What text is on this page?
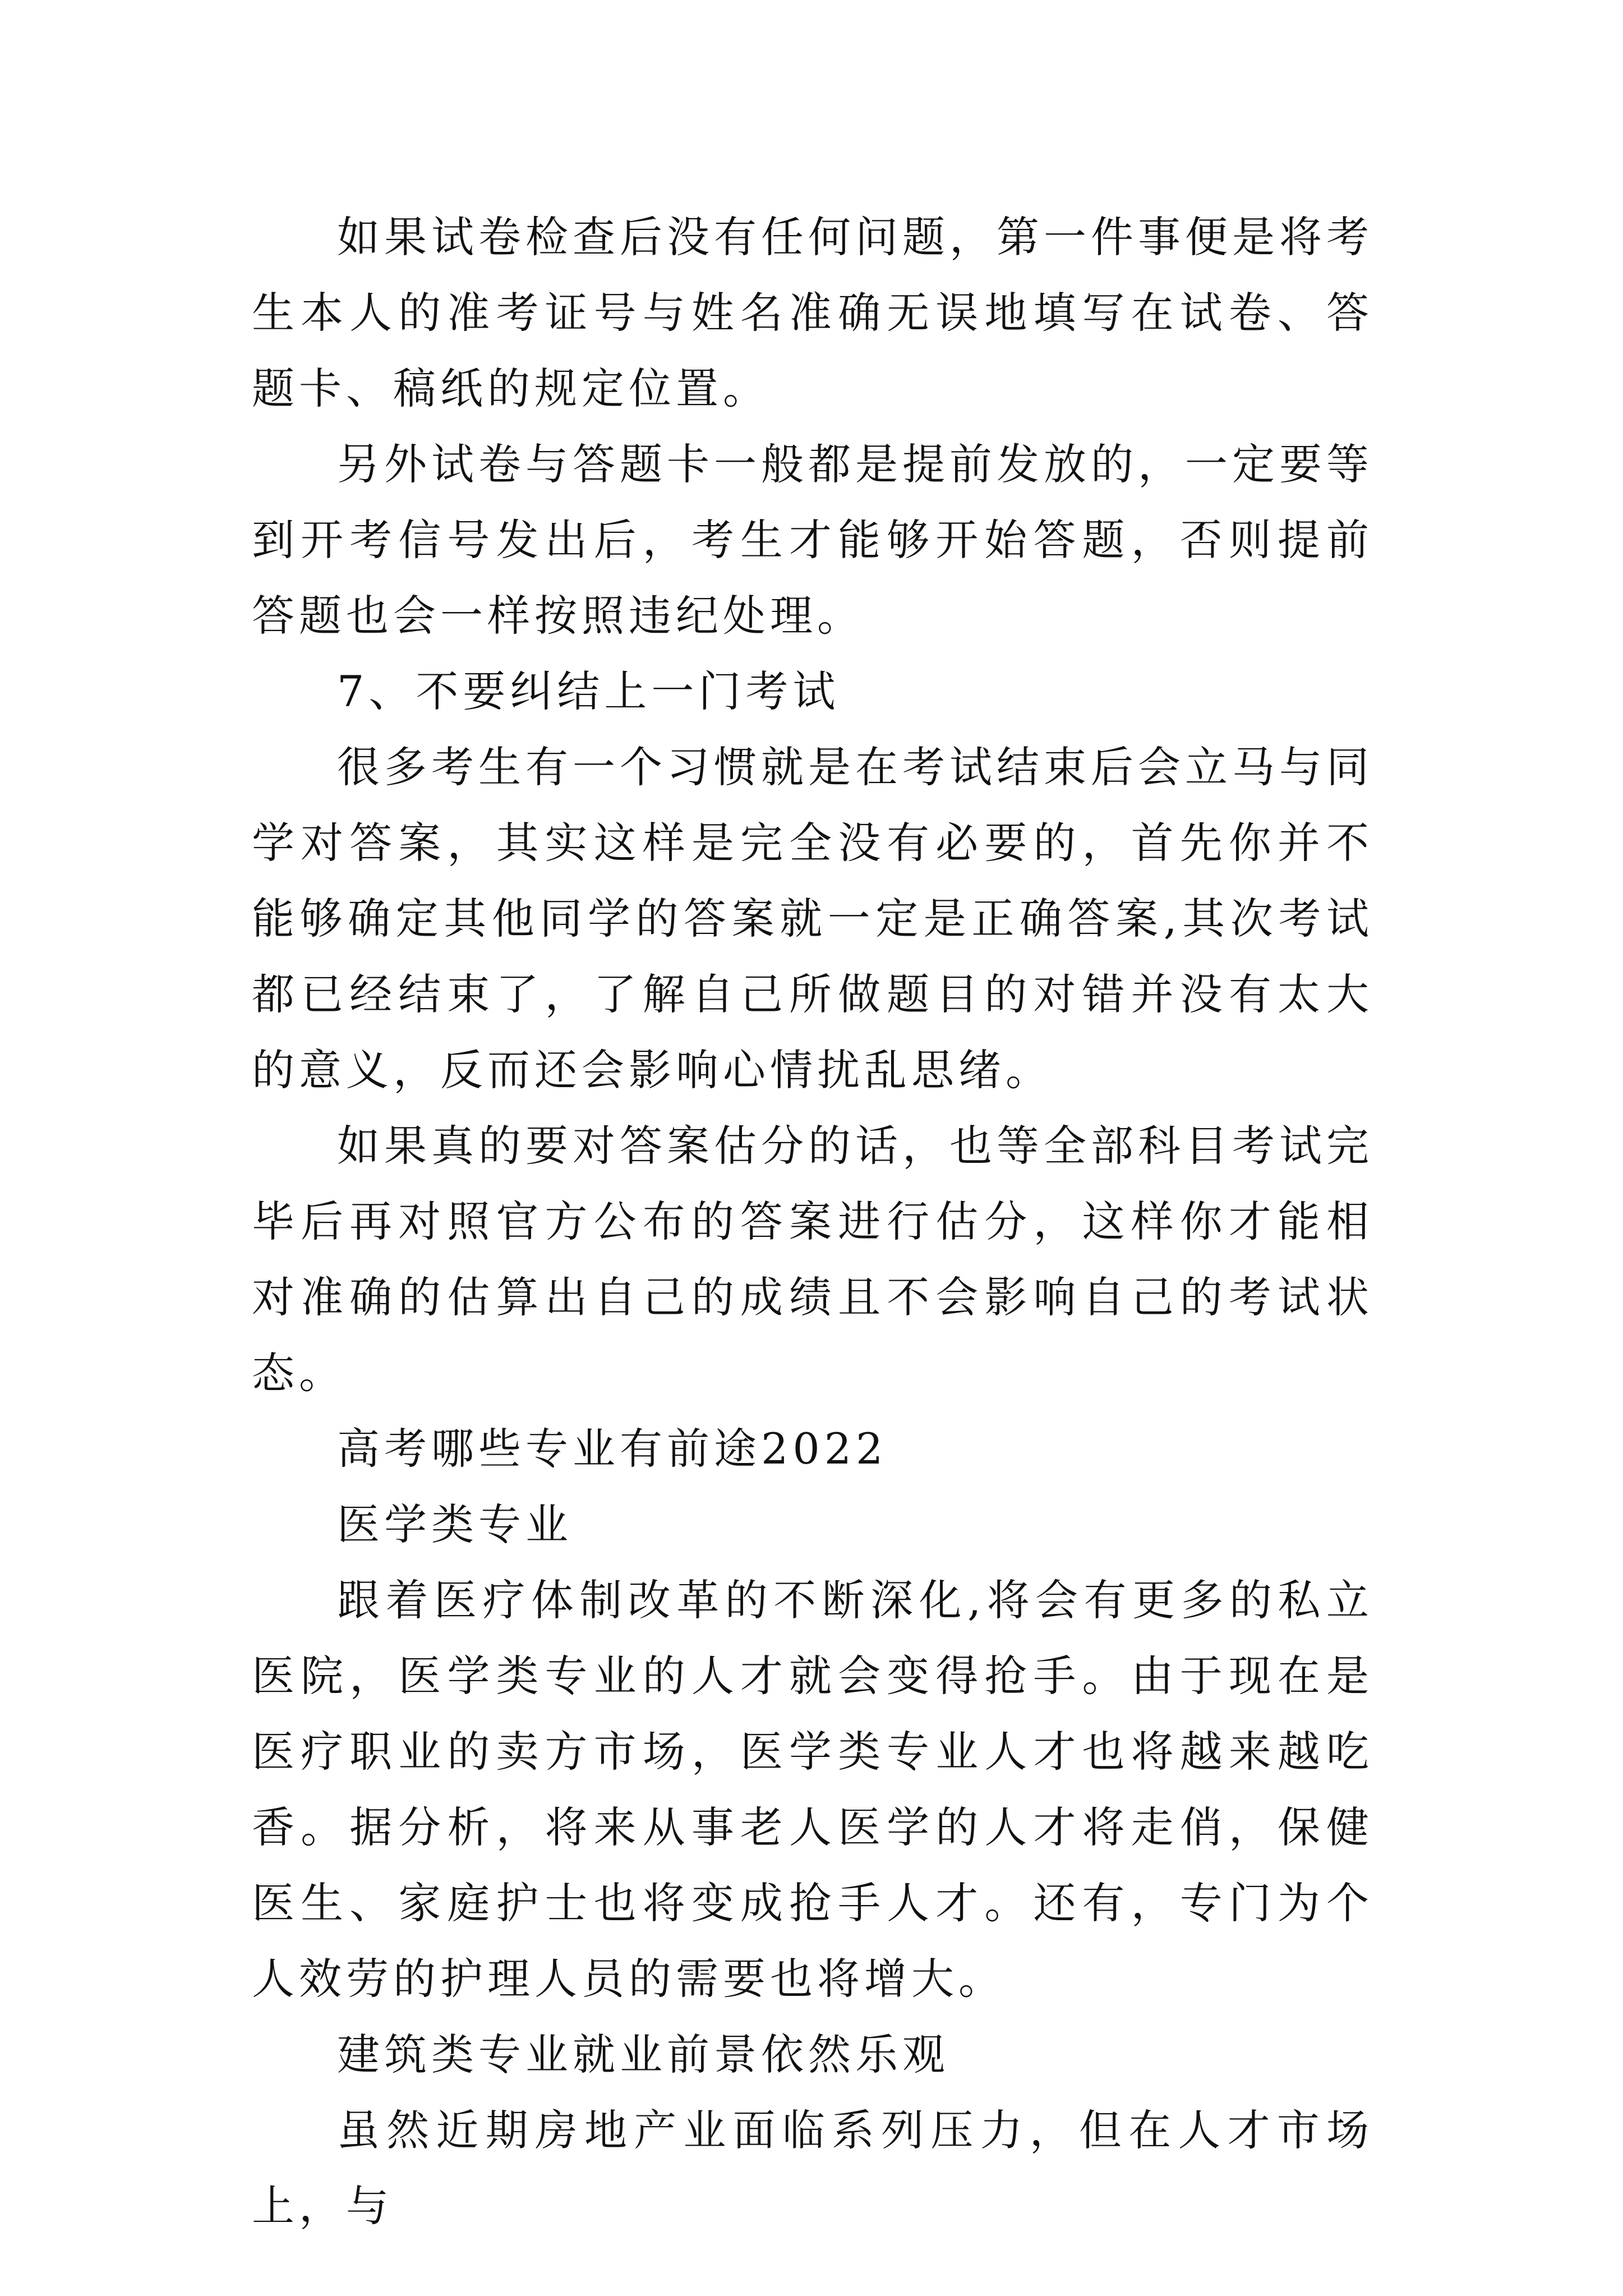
如果试卷检查后没有任何问题，第一件事便是将考生本人的准考证号与姓名准确无误地填写在试卷、答题卡、稿纸的规定位置。

另外试卷与答题卡一般都是提前发放的，一定要等到开考信号发出后，考生才能够开始答题，否则提前答题也会一样按照违纪处理。

7、不要纠结上一门考试

很多考生有一个习惯就是在考试结束后会立马与同学对答案，其实这样是完全没有必要的，首先你并不能够确定其他同学的答案就一定是正确答案,其次考试都已经结束了，了解自己所做题目的对错并没有太大的意义，反而还会影响心情扰乱思绪。

如果真的要对答案估分的话，也等全部科目考试完毕后再对照官方公布的答案进行估分，这样你才能相对准确的估算出自己的成绩且不会影响自己的考试状态。

高考哪些专业有前途2022

医学类专业

跟着医疗体制改革的不断深化,将会有更多的私立医院，医学类专业的人才就会变得抢手。由于现在是医疗职业的卖方市场，医学类专业人才也将越来越吃香。据分析，将来从事老人医学的人才将走俏，保健医生、家庭护士也将变成抢手人才。还有，专门为个人效劳的护理人员的需要也将增大。

建筑类专业就业前景依然乐观

虽然近期房地产业面临系列压力，但在人才市场上，与
